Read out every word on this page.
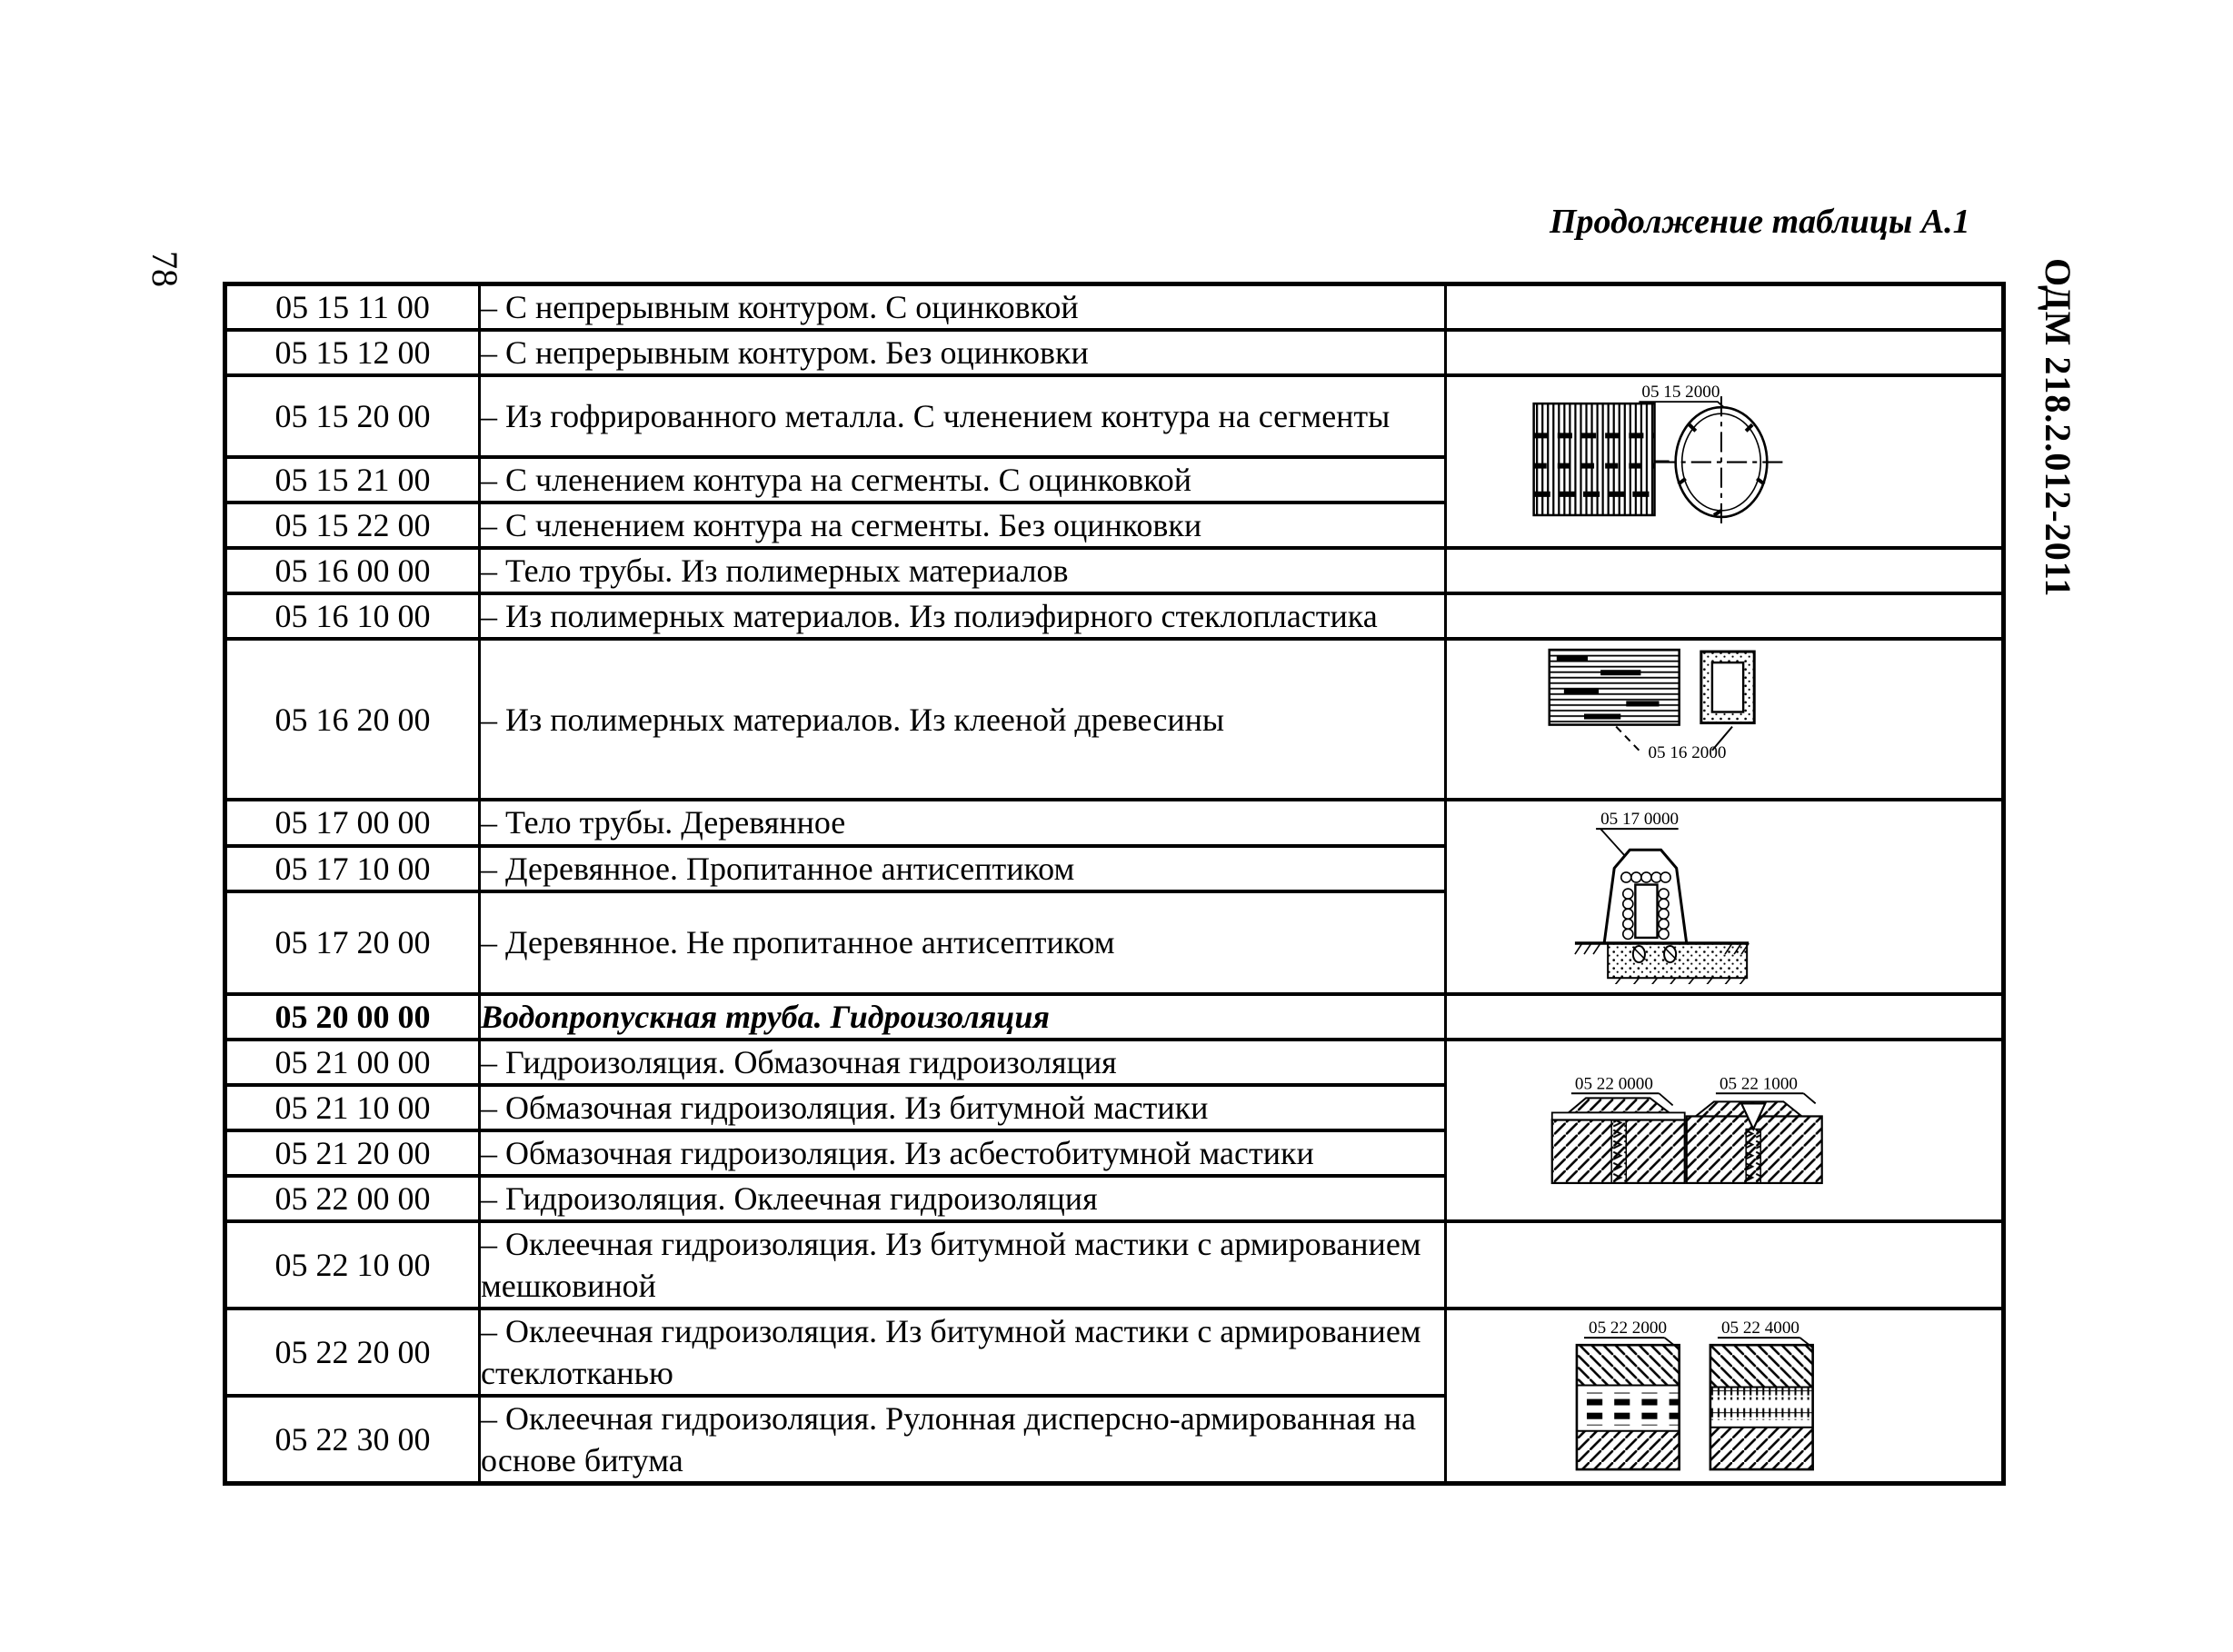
78	ОДМ 218.2.012-2011
Продолжение таблицы А.1
05 15 11 00	– С непрерывным контуром. С оцинковкой	
05 15 12 00	– С непрерывным контуром. Без оцинковки	
05 15 20 00	– Из гофрированного металла. С членением контура на сегменты	05 15 2000

05 15 21 00	– С членением контура на сегменты. С оцинковкой	
05 15 22 00	– С членением контура на сегменты. Без оцинковки	
05 16 00 00	– Тело трубы. Из полимерных материалов	
05 16 10 00	– Из полимерных материалов. Из полиэфирного стеклопластика	
05 16 20 00	– Из полимерных материалов. Из клееной древесины	05 16 2000

05 17 00 00	– Тело трубы. Деревянное	05 17 0000

05 17 10 00	– Деревянное. Пропитанное антисептиком	
05 17 20 00	– Деревянное. Не пропитанное антисептиком	
05 20 00 00	Водопропускная труба. Гидроизоляция	
05 21 00 00	– Гидроизоляция. Обмазочная гидроизоляция	05 22 0000 05 22 1000

05 21 10 00	– Обмазочная гидроизоляция. Из битумной мастики	
05 21 20 00	– Обмазочная гидроизоляция. Из асбестобитумной мастики	
05 22 00 00	– Гидроизоляция. Оклеечная гидроизоляция	
05 22 10 00	– Оклеечная гидроизоляция. Из битумной мастики с армированием мешковиной	
05 22 20 00	– Оклеечная гидроизоляция. Из битумной мастики с армированием стеклотканью	05 22 2000 05 22 4000

05 22 30 00	– Оклеечная гидроизоляция. Рулонная дисперсно-армированная на основе битума	
